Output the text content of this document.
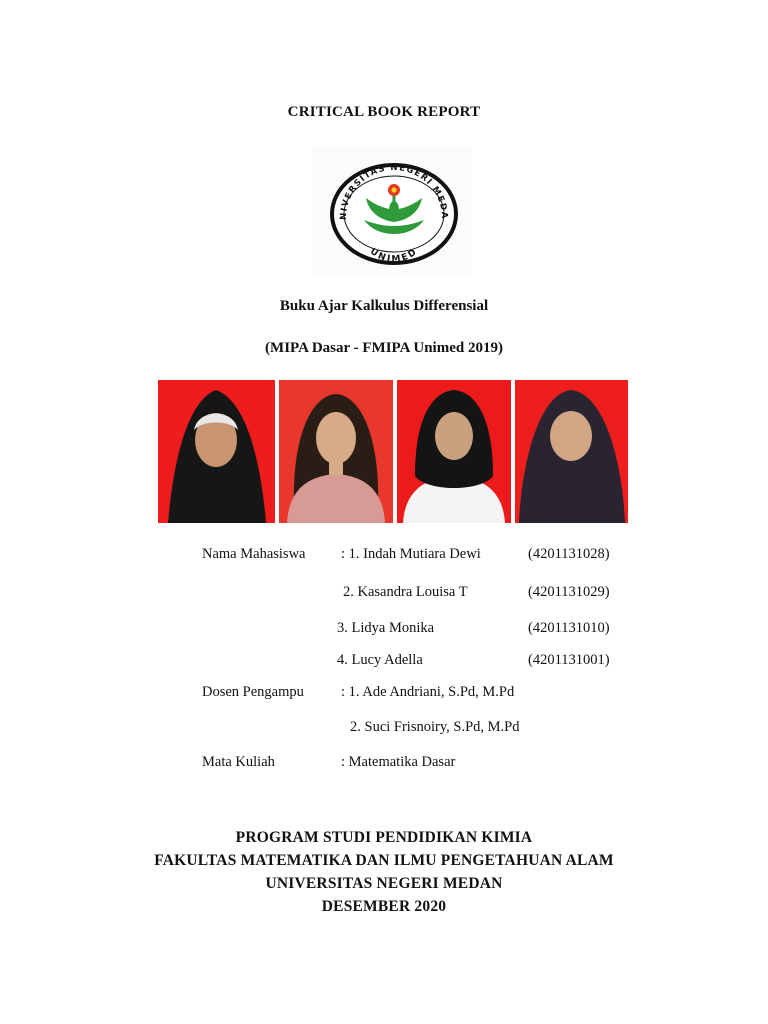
CRITICAL BOOK REPORT
NIVERSITAS NEGERI MEDA
UNIMED
Buku Ajar Kalkulus Differensial
(MIPA Dasar - FMIPA Unimed 2019)
Nama Mahasiswa : 1. Indah Mutiara Dewi	(4201131028)
2. Kasandra Louisa T	(4201131029)
3. Lidya Monika	(4201131010)
4. Lucy Adella	(4201131001)
Dosen Pengampu	: 1. Ade Andriani, S.Pd, M.Pd
2. Suci Frisnoiry, S.Pd, M.Pd
Mata Kuliah	: Matematika Dasar
PROGRAM STUDI PENDIDIKAN KIMIA
FAKULTAS MATEMATIKA DAN ILMU PENGETAHUAN ALAM
UNIVERSITAS NEGERI MEDAN
DESEMBER 2020
